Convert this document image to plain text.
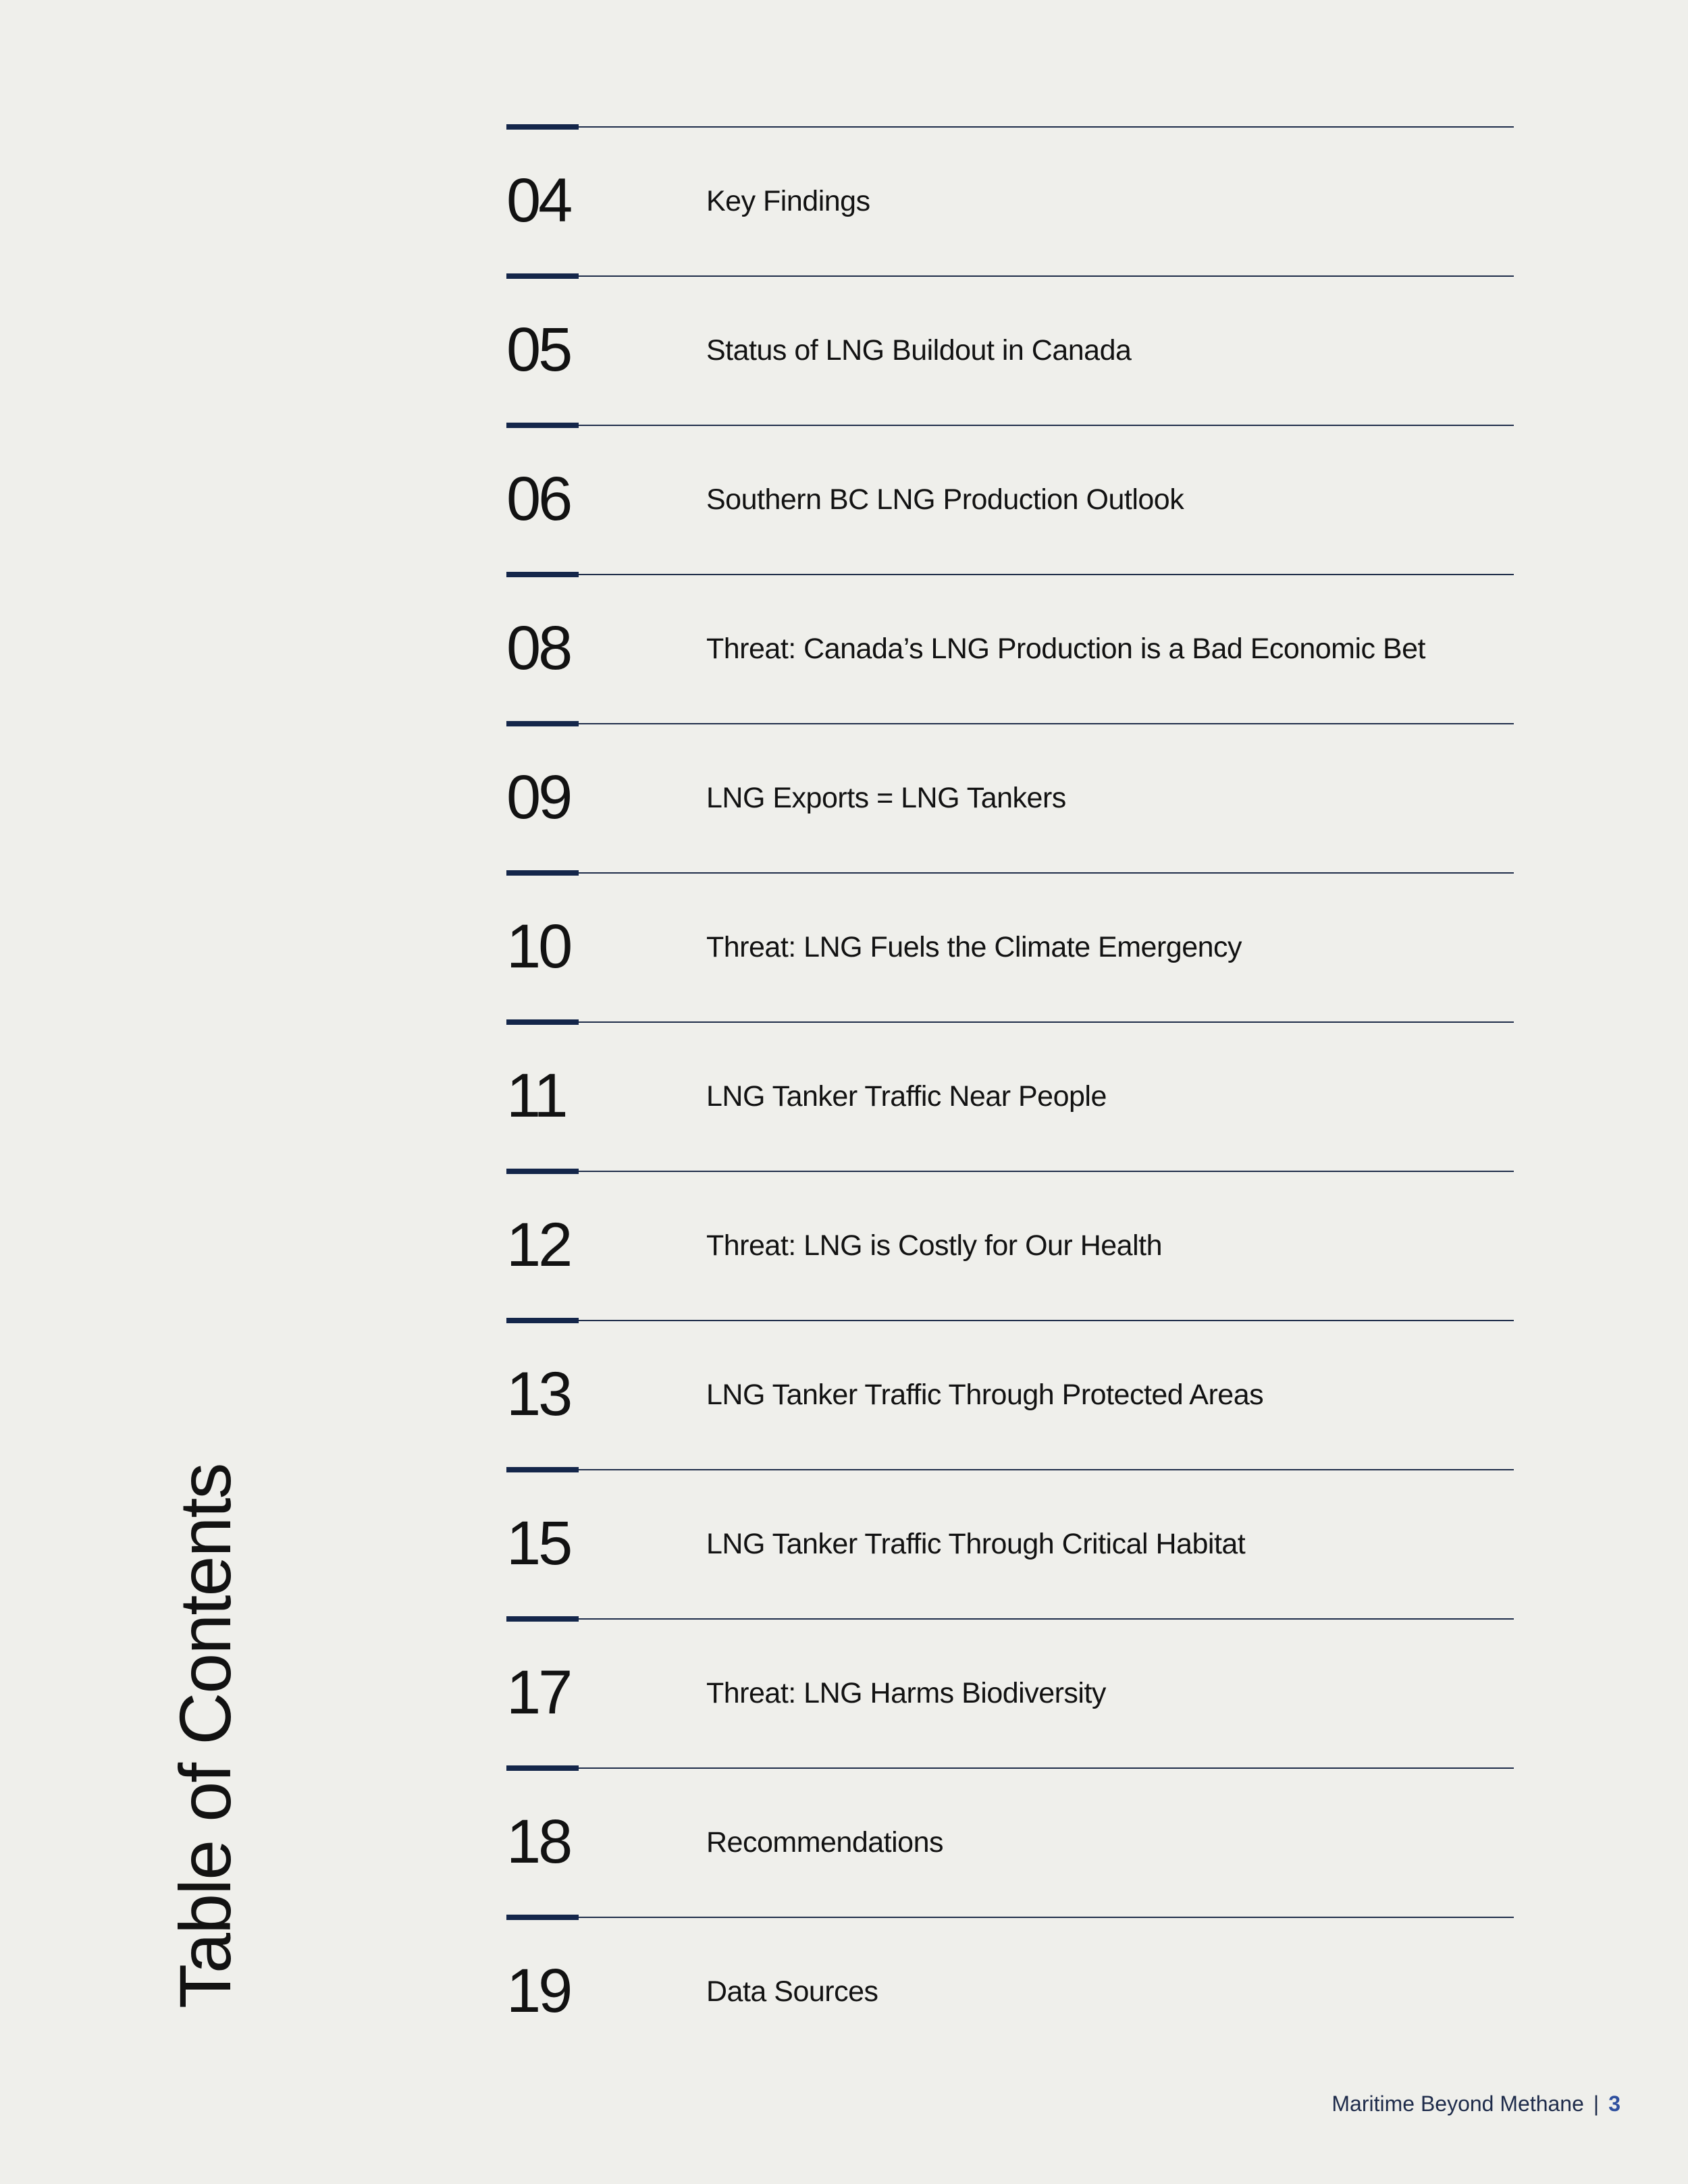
Table of Contents
04	Key Findings
05	Status of LNG Buildout in Canada
06	Southern BC LNG Production Outlook
08	Threat: Canada’s LNG Production is a Bad Economic Bet
09	LNG Exports = LNG Tankers
10	Threat: LNG Fuels the Climate Emergency
11	LNG Tanker Traffic Near People
12	Threat: LNG is Costly for Our Health
13	LNG Tanker Traffic Through Protected Areas
15	LNG Tanker Traffic Through Critical Habitat
17	Threat: LNG Harms Biodiversity
18	Recommendations
19	Data Sources
Maritime Beyond Methane | 3
